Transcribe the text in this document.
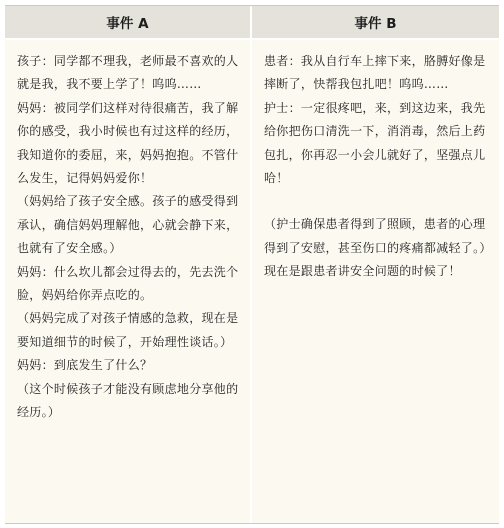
事件 A

孩子：同学都不理我，老师最不喜欢的人就是我，我不要上学了！呜呜……

妈妈：被同学们这样对待很痛苦，我了解你的感受，我小时候也有过这样的经历，我知道你的委屈，来，妈妈抱抱。不管什么发生，记得妈妈爱你！

（妈妈给了孩子安全感。孩子的感受得到承认，确信妈妈理解他，心就会静下来，也就有了安全感。）

妈妈：什么坎儿都会过得去的，先去洗个脸，妈妈给你弄点吃的。

（妈妈完成了对孩子情感的急救，现在是要知道细节的时候了，开始理性谈话。）

妈妈：到底发生了什么？

（这个时候孩子才能没有顾虑地分享他的经历。）

事件 B

患者：我从自行车上摔下来，胳膊好像是摔断了，快帮我包扎吧！呜呜……

护士：一定很疼吧，来，到这边来，我先给你把伤口清洗一下，消消毒，然后上药包扎，你再忍一小会儿就好了，坚强点儿哈！

（护士确保患者得到了照顾，患者的心理得到了安慰，甚至伤口的疼痛都减轻了。）

现在是跟患者讲安全问题的时候了！
